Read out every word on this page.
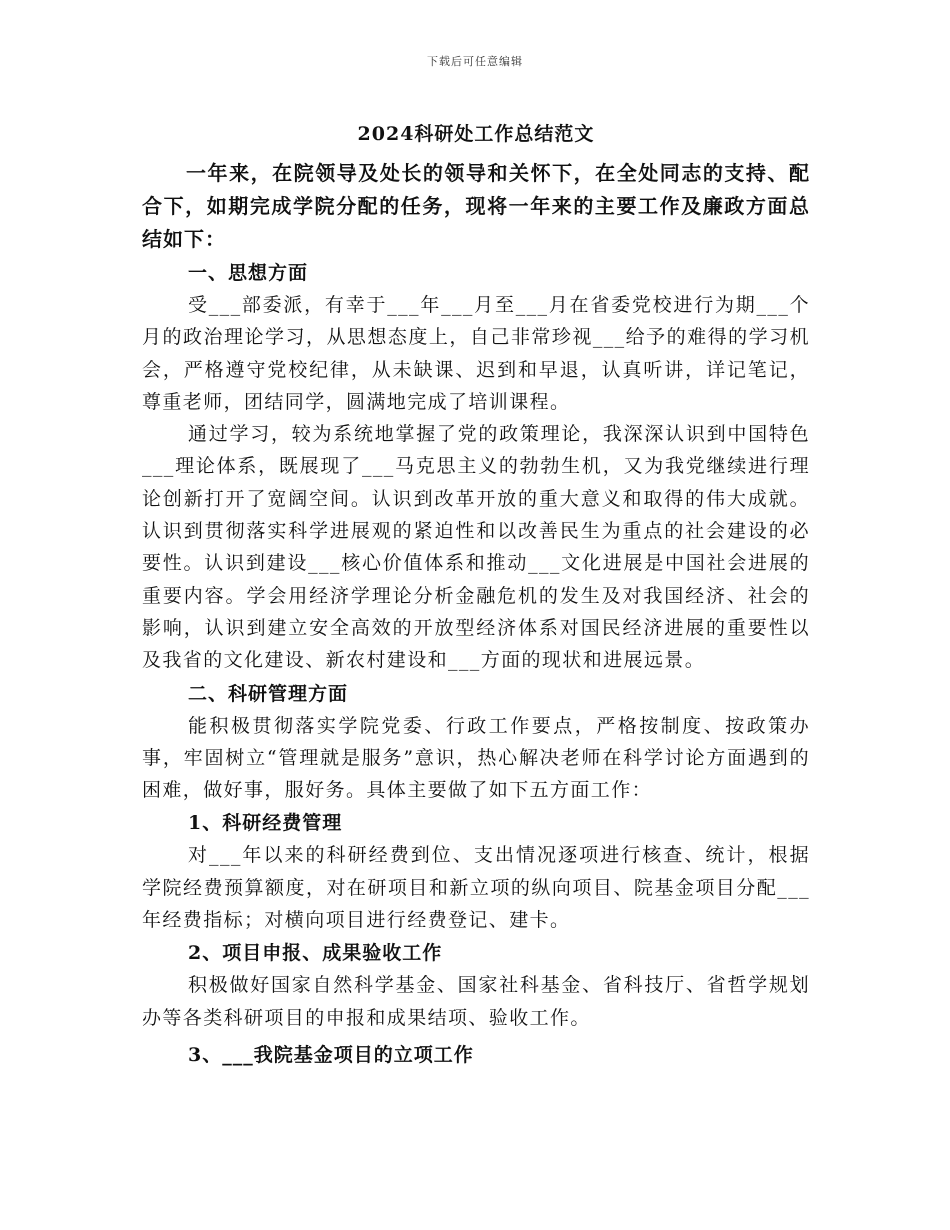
下载后可任意编辑
2024科研处工作总结范文

一年来，在院领导及处长的领导和关怀下，在全处同志的支持、配合下，如期完成学院分配的任务，现将一年来的主要工作及廉政方面总结如下：

一、思想方面

受___部委派，有幸于___年___月至___月在省委党校进行为期___个月的政治理论学习，从思想态度上，自己非常珍视___给予的难得的学习机会，严格遵守党校纪律，从未缺课、迟到和早退，认真听讲，详记笔记，尊重老师，团结同学，圆满地完成了培训课程。

通过学习，较为系统地掌握了党的政策理论，我深深认识到中国特色___理论体系，既展现了___马克思主义的勃勃生机，又为我党继续进行理论创新打开了宽阔空间。认识到改革开放的重大意义和取得的伟大成就。认识到贯彻落实科学进展观的紧迫性和以改善民生为重点的社会建设的必要性。认识到建设___核心价值体系和推动___文化进展是中国社会进展的重要内容。学会用经济学理论分析金融危机的发生及对我国经济、社会的影响，认识到建立安全高效的开放型经济体系对国民经济进展的重要性以及我省的文化建设、新农村建设和___方面的现状和进展远景。

二、科研管理方面

能积极贯彻落实学院党委、行政工作要点，严格按制度、按政策办事，牢固树立“管理就是服务”意识，热心解决老师在科学讨论方面遇到的困难，做好事，服好务。具体主要做了如下五方面工作：

1、科研经费管理

对___年以来的科研经费到位、支出情况逐项进行核查、统计，根据学院经费预算额度，对在研项目和新立项的纵向项目、院基金项目分配___年经费指标；对横向项目进行经费登记、建卡。

2、项目申报、成果验收工作

积极做好国家自然科学基金、国家社科基金、省科技厅、省哲学规划办等各类科研项目的申报和成果结项、验收工作。

3、___我院基金项目的立项工作
